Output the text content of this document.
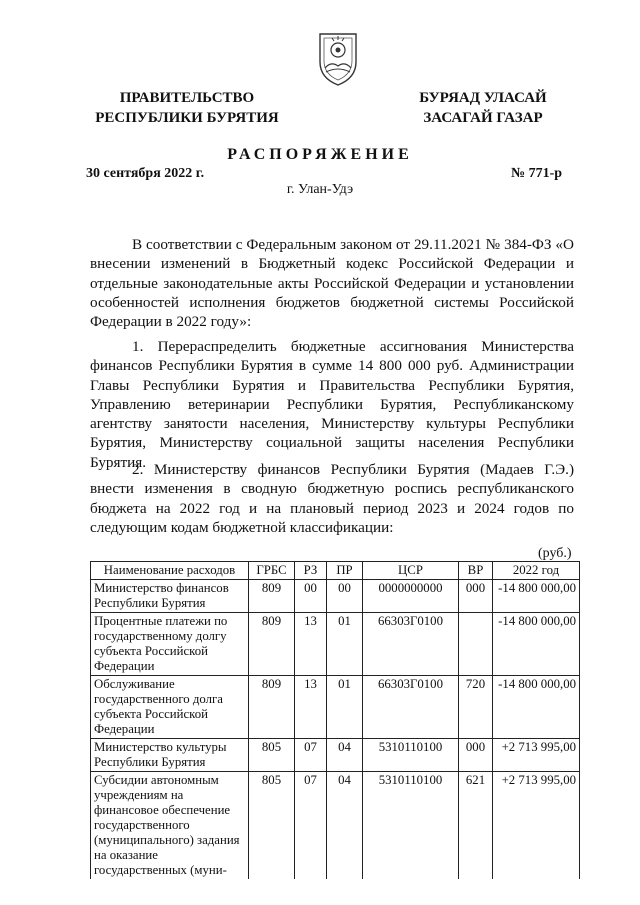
ПРАВИТЕЛЬСТВО
РЕСПУБЛИКИ БУРЯТИЯ
БУРЯАД УЛАСАЙ
ЗАСАГАЙ ГАЗАР
РАСПОРЯЖЕНИЕ
30 сентября 2022 г.	№ 771-р
г. Улан-Удэ

В соответствии с Федеральным законом от 29.11.2021 № 384-ФЗ «О внесении изменений в Бюджетный кодекс Российской Федерации и отдельные законодательные акты Российской Федерации и установлении особенностей исполнения бюджетов бюджетной системы Российской Федерации в 2022 году»:

1. Перераспределить бюджетные ассигнования Министерства финансов Республики Бурятия в сумме 14 800 000 руб. Администрации Главы Республики Бурятия и Правительства Республики Бурятия, Управлению ветеринарии Республики Бурятия, Республиканскому агентству занятости населения, Министерству культуры Республики Бурятия, Министерству социальной защиты населения Республики Бурятия.

2. Министерству финансов Республики Бурятия (Мадаев Г.Э.) внести изменения в сводную бюджетную роспись республиканского бюджета на 2022 год и на плановый период 2023 и 2024 годов по следующим кодам бюджетной классификации:

(руб.)
Наименование расходов	ГРБС	РЗ	ПР	ЦСР	ВР	2022 год
Министерство финансов Республики Бурятия	809	00	00	0000000000	000	-14 800 000,00
Процентные платежи по государственному долгу субъекта Российской Федерации	809	13	01	66303Г0100		-14 800 000,00
Обслуживание государственного долга субъекта Российской Федерации	809	13	01	66303Г0100	720	-14 800 000,00
Министерство культуры Республики Бурятия	805	07	04	5310110100	000	+2 713 995,00
Субсидии автономным учреждениям на финансовое обеспечение государственного (муниципального) задания на оказание государственных (муни-	805	07	04	5310110100	621	+2 713 995,00
